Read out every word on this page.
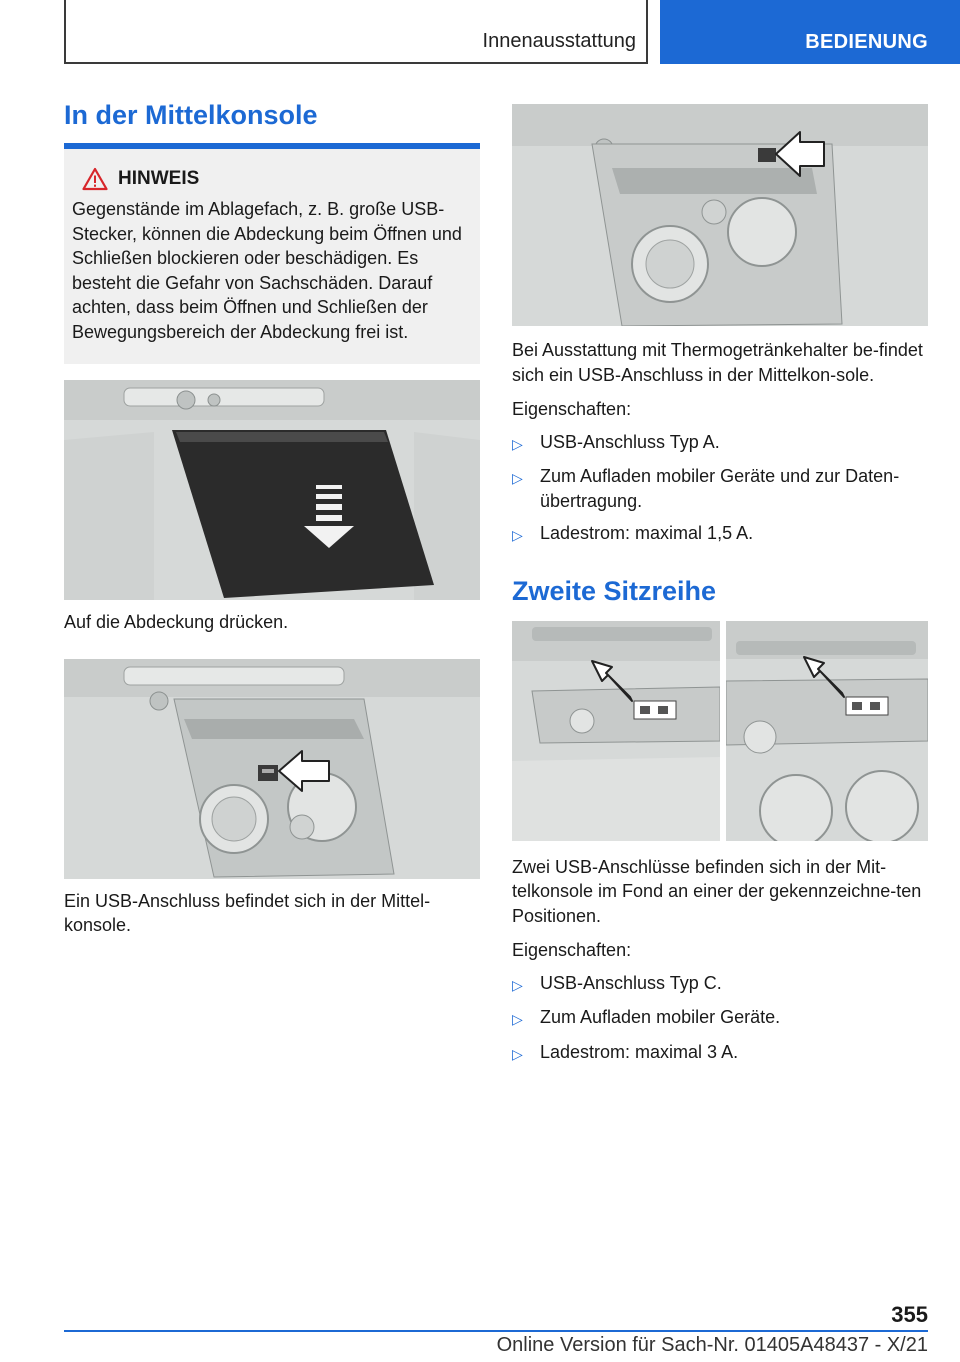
Innenausstattung	BEDIENUNG
In der Mittelkonsole
HINWEIS
Gegenstände im Ablagefach, z. B. große USB-Stecker, können die Abdeckung beim Öffnen und Schließen blockieren oder beschädigen. Es besteht die Gefahr von Sachschäden. Darauf achten, dass beim Öffnen und Schließen der Bewegungsbereich der Abdeckung frei ist.
Auf die Abdeckung drücken.
Ein USB-Anschluss befindet sich in der Mittel-konsole.
Bei Ausstattung mit Thermogetränkehalter be-findet sich ein USB-Anschluss in der Mittelkon-sole.
Eigenschaften:
▷ USB-Anschluss Typ A.
▷ Zum Aufladen mobiler Geräte und zur Daten-übertragung.
▷ Ladestrom: maximal 1,5 A.
Zweite Sitzreihe
Zwei USB-Anschlüsse befinden sich in der Mit-telkonsole im Fond an einer der gekennzeichne-ten Positionen.
Eigenschaften:
▷ USB-Anschluss Typ C.
▷ Zum Aufladen mobiler Geräte.
▷ Ladestrom: maximal 3 A.
355
Online Version für Sach-Nr. 01405A48437 - X/21
